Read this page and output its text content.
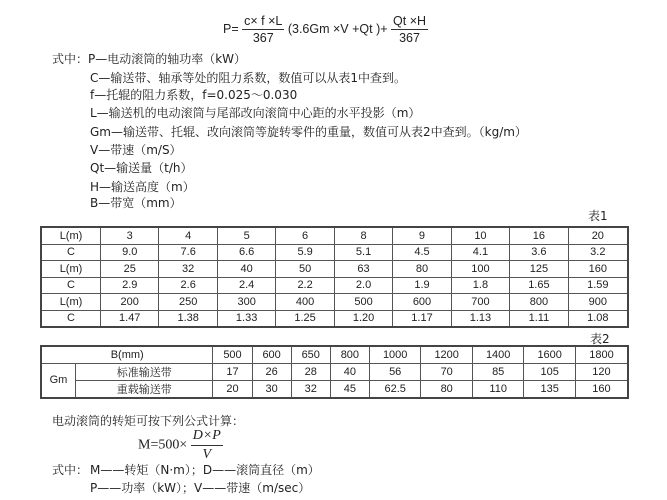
$P= \frac{c\times f \times L}{367} (3.6Gm \times V +Qt$ )+ $\frac{Qt \times H}{367}$
式中： P—电动滚筒的轴功率（kW）
C—输送带、轴承等处的阻力系数，数值可以从表1中查到。
f—托辊的阻力系数，f=0.025～0.030
L—输送机的电动滚筒与尾部改向滚筒中心距的水平投影（m）
Gm—输送带、托辊、改向滚筒等旋转零件的重量，数值可从表2中查到。（kg/m）
V—带速（m/S）
Qt—输送量（t/h）
H—输送高度（m）
B—带宽（mm）
表1
L(m)	3	4	5	6	8	9	10	16	20
C	9.0	7.6	6.6	5.9	5.1	4.5	4.1	3.6	3.2
L(m)	25	32	40	50	63	80	100	125	160
C	2.9	2.6	2.4	2.2	2.0	1.9	1.8	1.65	1.59
L(m)	200	250	300	400	500	600	700	800	900
C	1.47	1.38	1.33	1.25	1.20	1.17	1.13	1.11	1.08
表2
B(mm)		500	600	650	800	1000	1200	1400	1600	1800
Gm	标准输送带	17	26	28	40	56	70	85	105	120
	重载输送带	20	30	32	45	62.5	80	110	135	160
电动滚筒的转矩可按下列公式计算：
$M=500\times \frac{D\times P}{V}$
式中： M——转矩（N·m）；D——滚筒直径（m）
P——功率（kW）；V——带速（m/sec）
